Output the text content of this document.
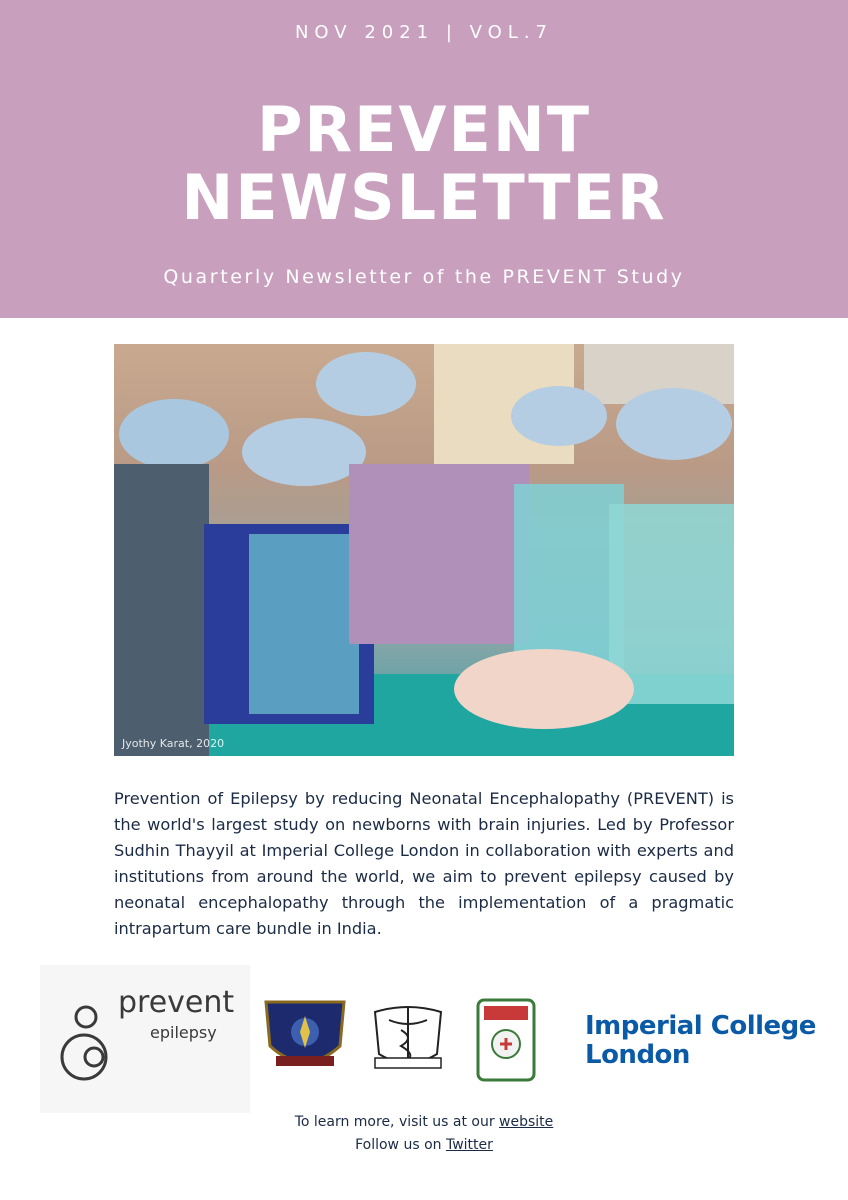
NOV 2021 | VOL.7
PREVENT
NEWSLETTER
Quarterly Newsletter of the PREVENT Study
Jyothy Karat, 2020
Prevention of Epilepsy by reducing Neonatal Encephalopathy (PREVENT) is the world's largest study on newborns with brain injuries. Led by Professor Sudhin Thayyil at Imperial College London in collaboration with experts and institutions from around the world, we aim to prevent epilepsy caused by neonatal encephalopathy through the implementation of a pragmatic intrapartum care bundle in India.
prevent
epilepsy	Imperial College
London
To learn more, visit us at our website
Follow us on Twitter
